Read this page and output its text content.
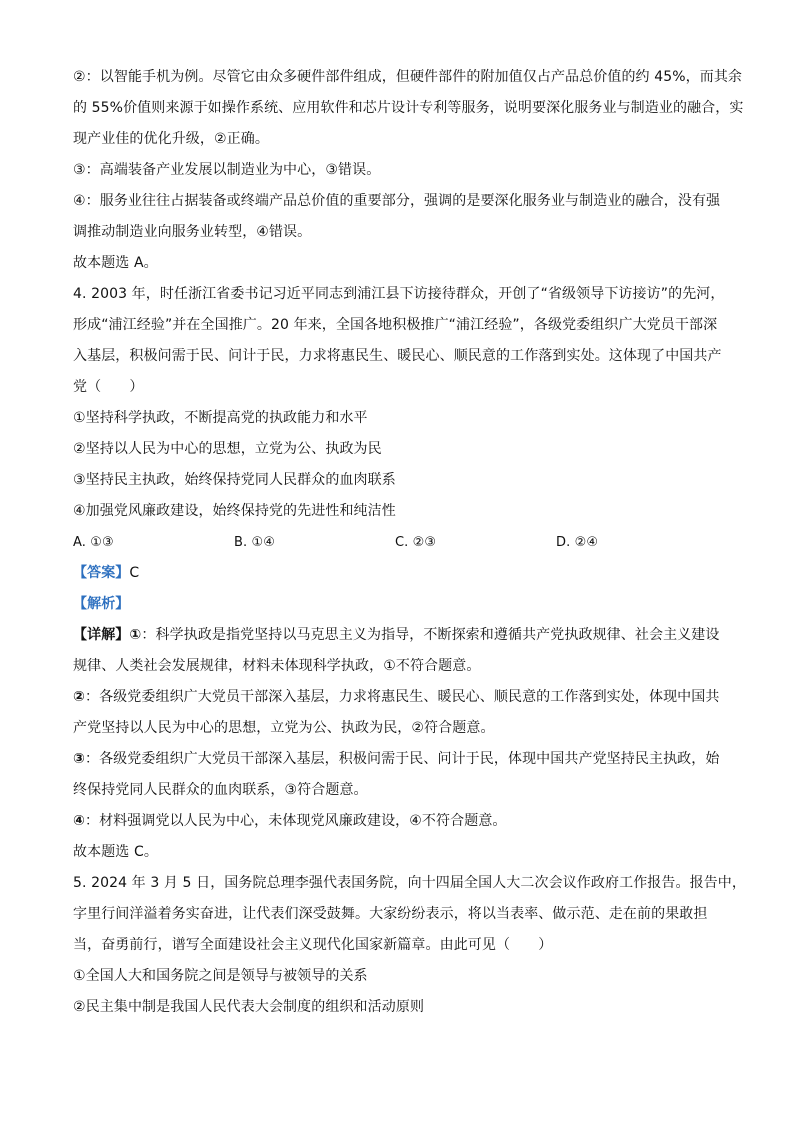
②：以智能手机为例。尽管它由众多硬件部件组成，但硬件部件的附加值仅占产品总价值的约 45%，而其余
的 55%价值则来源于如操作系统、应用软件和芯片设计专利等服务，说明要深化服务业与制造业的融合，实
现产业佳的优化升级，②正确。
③：高端装备产业发展以制造业为中心，③错误。
④：服务业往往占据装备或终端产品总价值的重要部分，强调的是要深化服务业与制造业的融合，没有强
调推动制造业向服务业转型，④错误。
故本题选 A。
4. 2003 年，时任浙江省委书记习近平同志到浦江县下访接待群众，开创了“省级领导下访接访”的先河，
形成“浦江经验”并在全国推广。20 年来，全国各地积极推广“浦江经验”，各级党委组织广大党员干部深
入基层，积极问需于民、问计于民，力求将惠民生、暖民心、顺民意的工作落到实处。这体现了中国共产
党（　　）
①坚持科学执政，不断提高党的执政能力和水平
②坚持以人民为中心的思想，立党为公、执政为民
③坚持民主执政，始终保持党同人民群众的血肉联系
④加强党风廉政建设，始终保持党的先进性和纯洁性
A. ①③	B. ①④	C. ②③	D. ②④
【答案】C
【解析】
【详解】①：科学执政是指党坚持以马克思主义为指导，不断探索和遵循共产党执政规律、社会主义建设
规律、人类社会发展规律，材料未体现科学执政，①不符合题意。
②：各级党委组织广大党员干部深入基层，力求将惠民生、暖民心、顺民意的工作落到实处，体现中国共
产党坚持以人民为中心的思想，立党为公、执政为民，②符合题意。
③：各级党委组织广大党员干部深入基层，积极问需于民、问计于民，体现中国共产党坚持民主执政，始
终保持党同人民群众的血肉联系，③符合题意。
④：材料强调党以人民为中心，未体现党风廉政建设，④不符合题意。
故本题选 C。
5. 2024 年 3 月 5 日，国务院总理李强代表国务院，向十四届全国人大二次会议作政府工作报告。报告中，
字里行间洋溢着务实奋进，让代表们深受鼓舞。大家纷纷表示，将以当表率、做示范、走在前的果敢担
当，奋勇前行，谱写全面建设社会主义现代化国家新篇章。由此可见（　　）
①全国人大和国务院之间是领导与被领导的关系
②民主集中制是我国人民代表大会制度的组织和活动原则
